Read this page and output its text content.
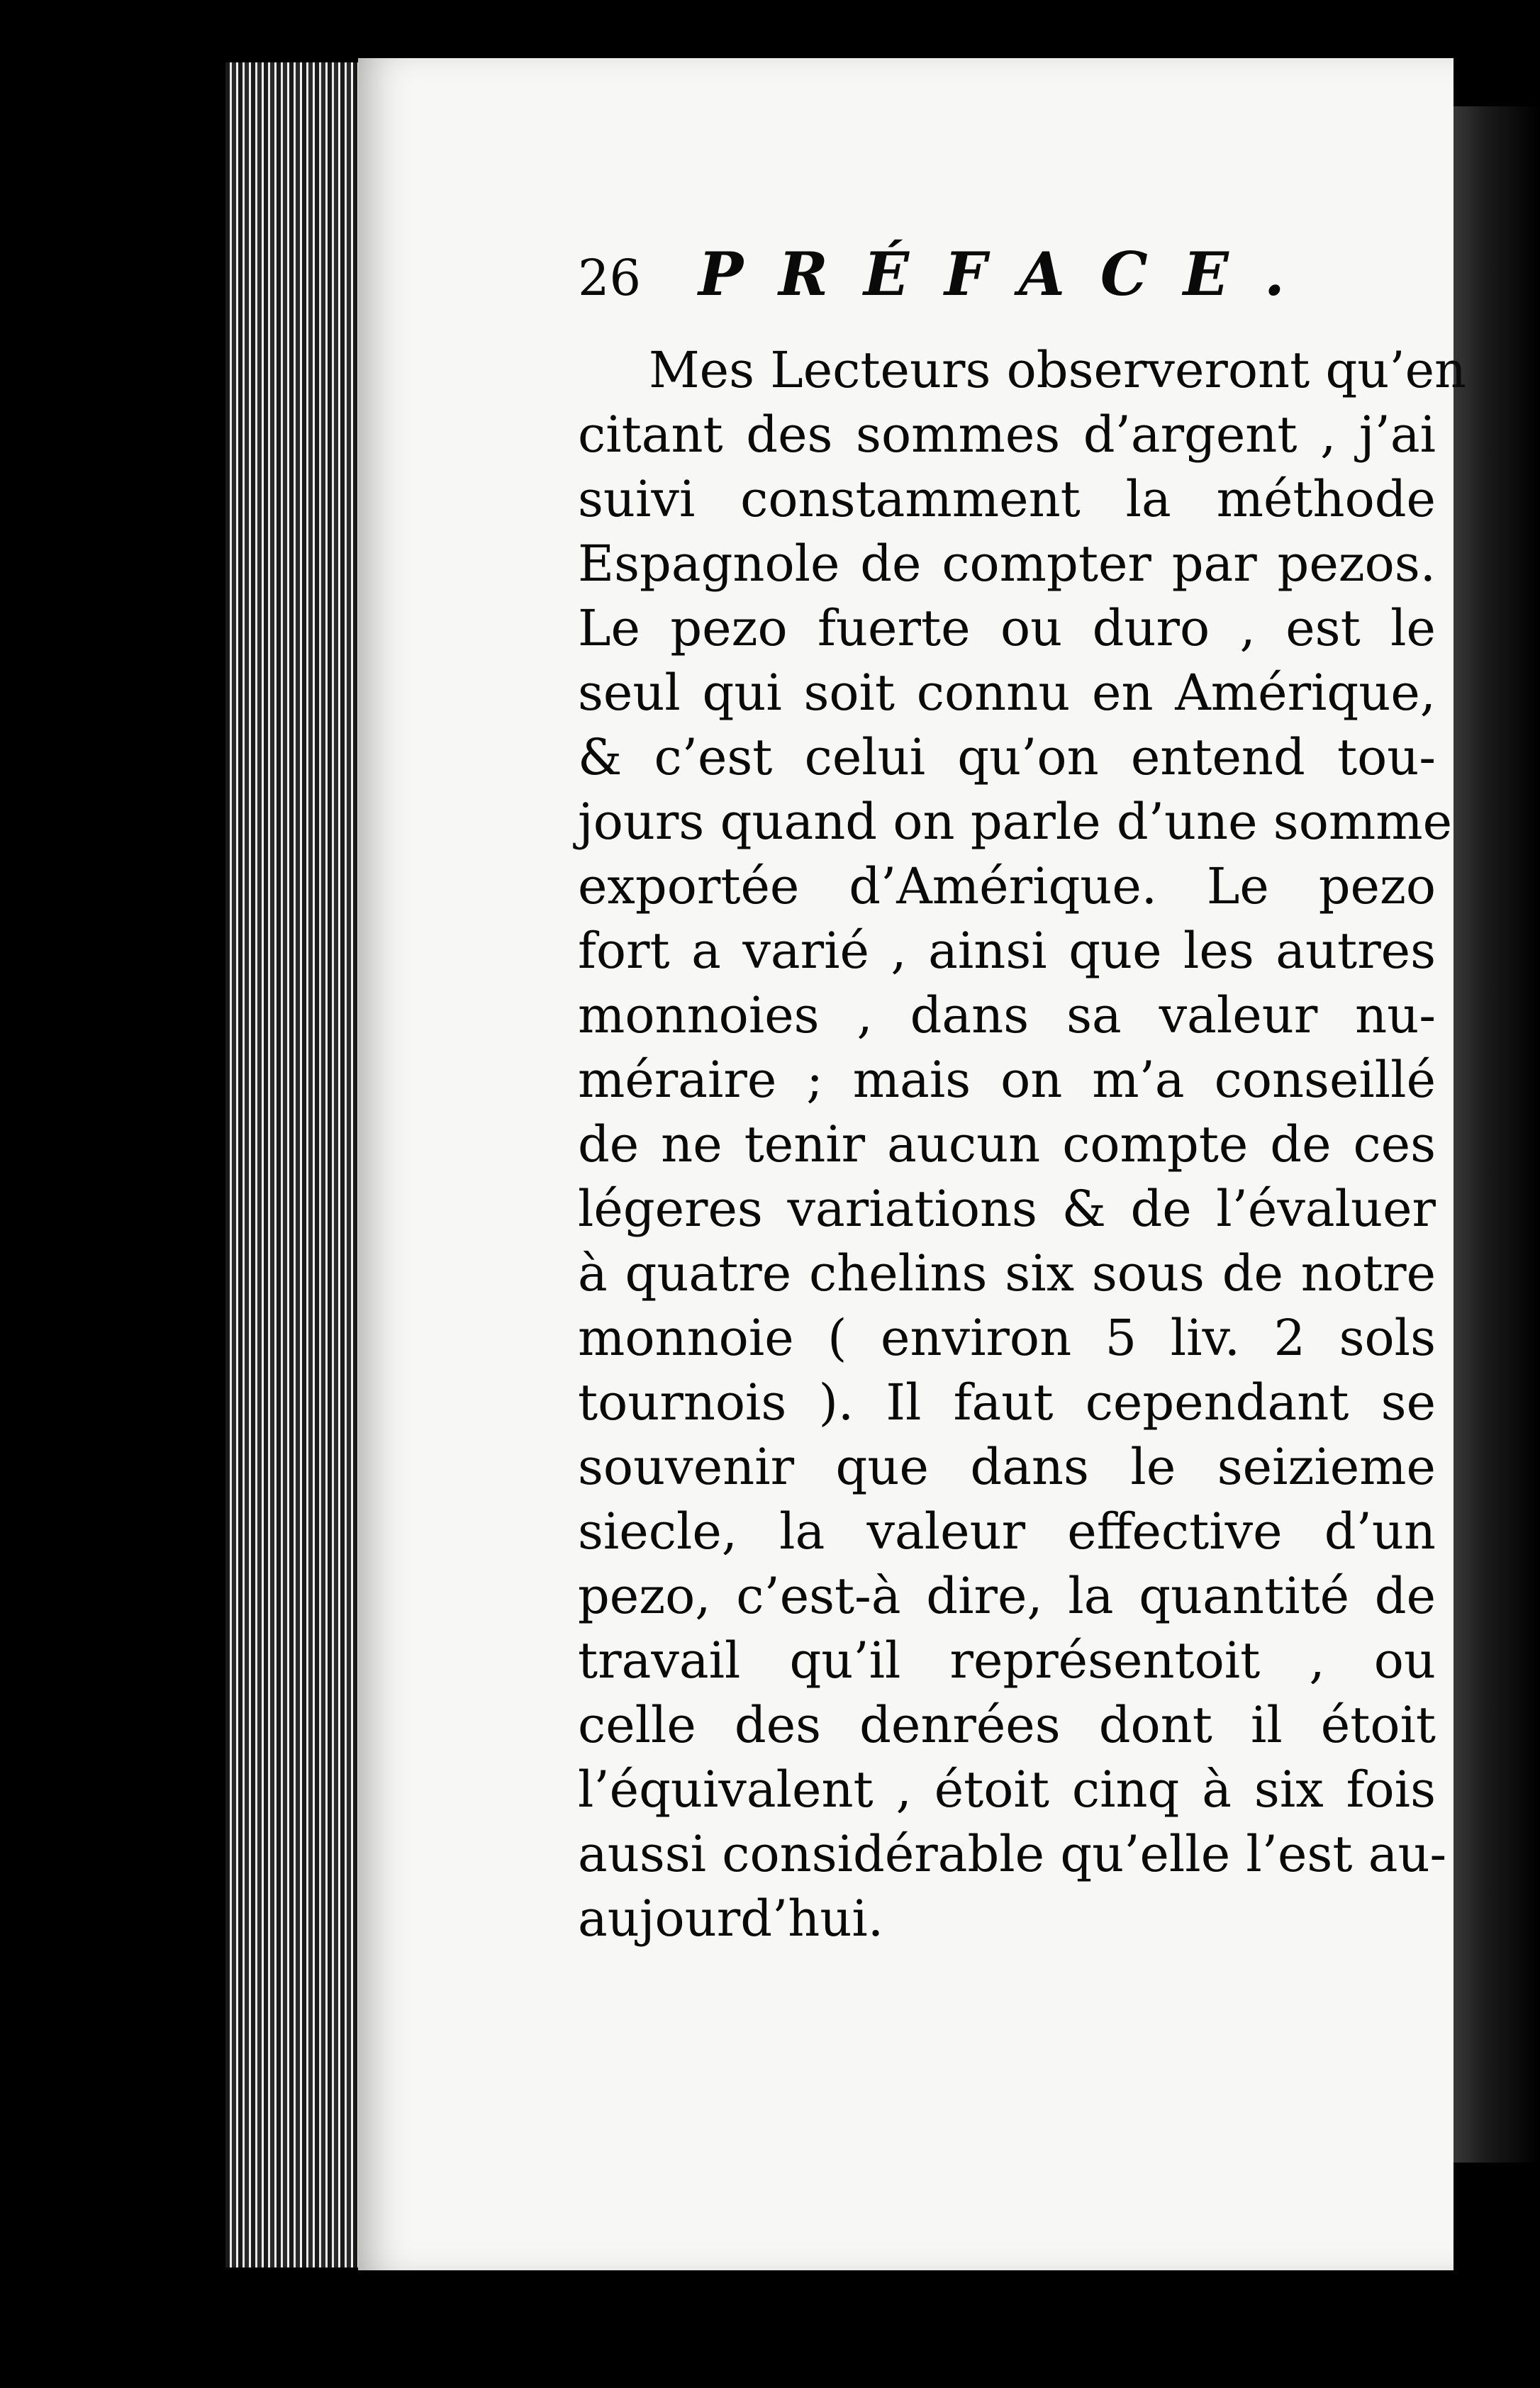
26 PRÉFACE.
Mes Lecteurs observeront qu’en
citant des sommes d’argent , j’ai
suivi constamment la méthode
Espagnole de compter par pezos.
Le pezo fuerte ou duro , est le
seul qui soit connu en Amérique,
& c’est celui qu’on entend tou-
jours quand on parle d’une somme
exportée d’Amérique. Le pezo
fort a varié , ainsi que les autres
monnoies , dans sa valeur nu-
méraire ; mais on m’a conseillé
de ne tenir aucun compte de ces
légeres variations & de l’évaluer
à quatre chelins six sous de notre
monnoie ( environ 5 liv. 2 sols
tournois ). Il faut cependant se
souvenir que dans le seizieme
siecle, la valeur effective d’un
pezo, c’est-à dire, la quantité de
travail qu’il représentoit , ou
celle des denrées dont il étoit
l’équivalent , étoit cinq à six fois
aussi considérable qu’elle l’est au-
aujourd’hui.
